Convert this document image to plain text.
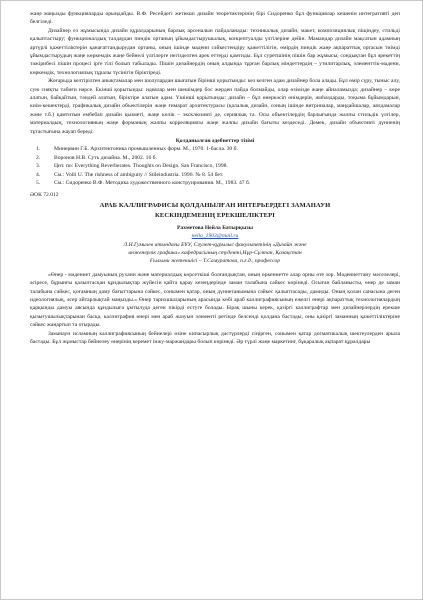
жаңе маңызды функцияларды орындайды. В.Ф. Ресейдегі жетекші дизайн теоретиктерінің бірі Сидоренко бұл функциялар кешенін интегративті деп белгіледі.

Дизайнер ез жұмысында дизайн құралдарының барлық арсеналын пайдаланады: техникалық дизайн, макет, композициялық піщіндеу, стильді қалыптастыру; функционалдық талдаудан пиндік ортаның ұйымдастырушылық, концептуалды үлгілеріне дейін. Мамандар дизайн мақсатын адамның артүрлі қажеттіліктерін қанағаттандырудан ортаны, оның ішінде мадени сәйкестендіру қажеттілігін, өмірдің пиндік жаңе ақпараттық ортасын тиімді ұйымдастырудың жаңе көркемдік жаңе бейнелі үлгілерге негізделген арек еттерді қамтиды. Бұл суретшінің пішін бар жұмысы, сондықтан бұл әрекеттің тәжірибесі пішін процесі ірге тілі болып табылады. Пішін дизайнердің оның алдында тұрған барлық міндеттердің – утилитарлық, элементтік-мадени, көркемдік, технологиялық тұралы түсінігін біріктіреді.

Жоғарыда келтірілген анықтамалар мен шолулардан шығатын бірінші қорытынды: кез келген адам дизайнер бола алады. Бұл өмір сүру, тыныс алу, сую сияқты табиғи нәрсе. Екінші қорытынды: идеялар мен шешімдер бос жерден пайда болмайды, олар өзімізде жаңе айналамызда; дизайнер – көре алатын, байқайтын, тәндей алатын, біріктіре алатын адам. Үшінші қорытынды: дизайн – бұл өнеркәсіп өнімдерін, жиһаздарды, тоқыма бұйымдарын, киім-кешектерді, графикалық дизайн объектілерін жаңе ғимарат архитектурасы (қалалық дизайн, соның ішінде витриналар, маңдайшалар, аялдамалар және т.б.) қамтитын ембебап дизайн қызметі, жаңе көлік – эксклюзивті де, сериялық та. Осы объектілердің барлығында жалпы стильдік үлгілер, материалдың, технологияның жаңе форманың жалпы корреляциясы жаңе жалпы дизайн бағыты кездеседі. Демек, дизайн объективті дүниенің тұтастығына жауап береді.

Қолданылған әдебиеттер тізімі

1. Минервин Г.Б. Архитектоника промышленных форм. М., 1970. 1-басла. 30 б.
2. Воронов Н.В. Суть дизайна. М., 2002. 16 б.
3. Цит. по: Everything Reverberates. Thoughts on Design. San Francisco, 1998.
4. См.: Volli U. The rishness of ambiguity // Stileindustria. 1996. № 8. 54 бет.
5. См.: Сидоренко В.Ф. Методика художественного конструирования. М., 1983. 47 б.

ӘОК 72.012

АРАБ КАЛЛИГРАФИСЫ ҚОЛДАНЫЛҒАН ИНТЕРЬЕРДЕГІ ЗАМАНАУИ

КЕСКІНДЕМЕНІҢ ЕРЕКШЕЛІКТЕРІ

Рахметова Нейла Батырқызы

neila_1903@mail.ru

Л.Н.Гумилев атындағы ЕҰУ, Сәулет-құрылыс факультетінің «Дизайн және

инженерлік графика» кафедрасының студенті,Нұр-Сұлтан, Қазақстан

Ғылыми жетекшісі – Т.Самуратова, п.ғ.д., профессор

«Өнер - мәдениет дамуының рухани және материалдық көрсеткіші болғандықтан, оның өркениетте алар орны өте зор. Мәдениеттану мәселелері, әсіресе, бұрынғы қалыптасқан құндылықтар жүйесін қайта қарау кезеңдерінде заман талабына сәйкес көрінеді. Осыған байланысты, өнер де заман талабына сәйкес, қоғамның даму бағыттарына сәйкес, сонымен қатар, оның дүниетанымына сәйкес қалыптасады, дамиды. Оның қолан санасына деген идеологиялық, әсер айтарлықтай маңызды.» Өнер тарихшыларының арасында көбі араб каллиграфиясының ежелгі өнері ақпараттық технологиялардың қарқынды дамуы аясында құндылыға ұмтылуда деген пікірді естуге болады. Бірақ шыны керек, қазіргі каллиграфтар мен дизайнерлердің ерекше қызығушылықтарынан басқа, каллиграфия өнері мен араб жазуын элементі ретінде белсенді қолдана бастады, оны қазіргі заманның қажеттіліктеріне сәйкес жаңартып та отырады.

Заманауи исламның каллиграфиясының бейнелері өзіне кипасырлық дәстүрлерді сіңірген, сонымен қатар догматикалық шектеулерден арыла бастады. Бұл жұмыстар бейнелеу өнерінің керемет інжу-маржандары болып көрінеді. Әр түрлі жаңе маркетинг, бұқаралық ақпарат құралдары
